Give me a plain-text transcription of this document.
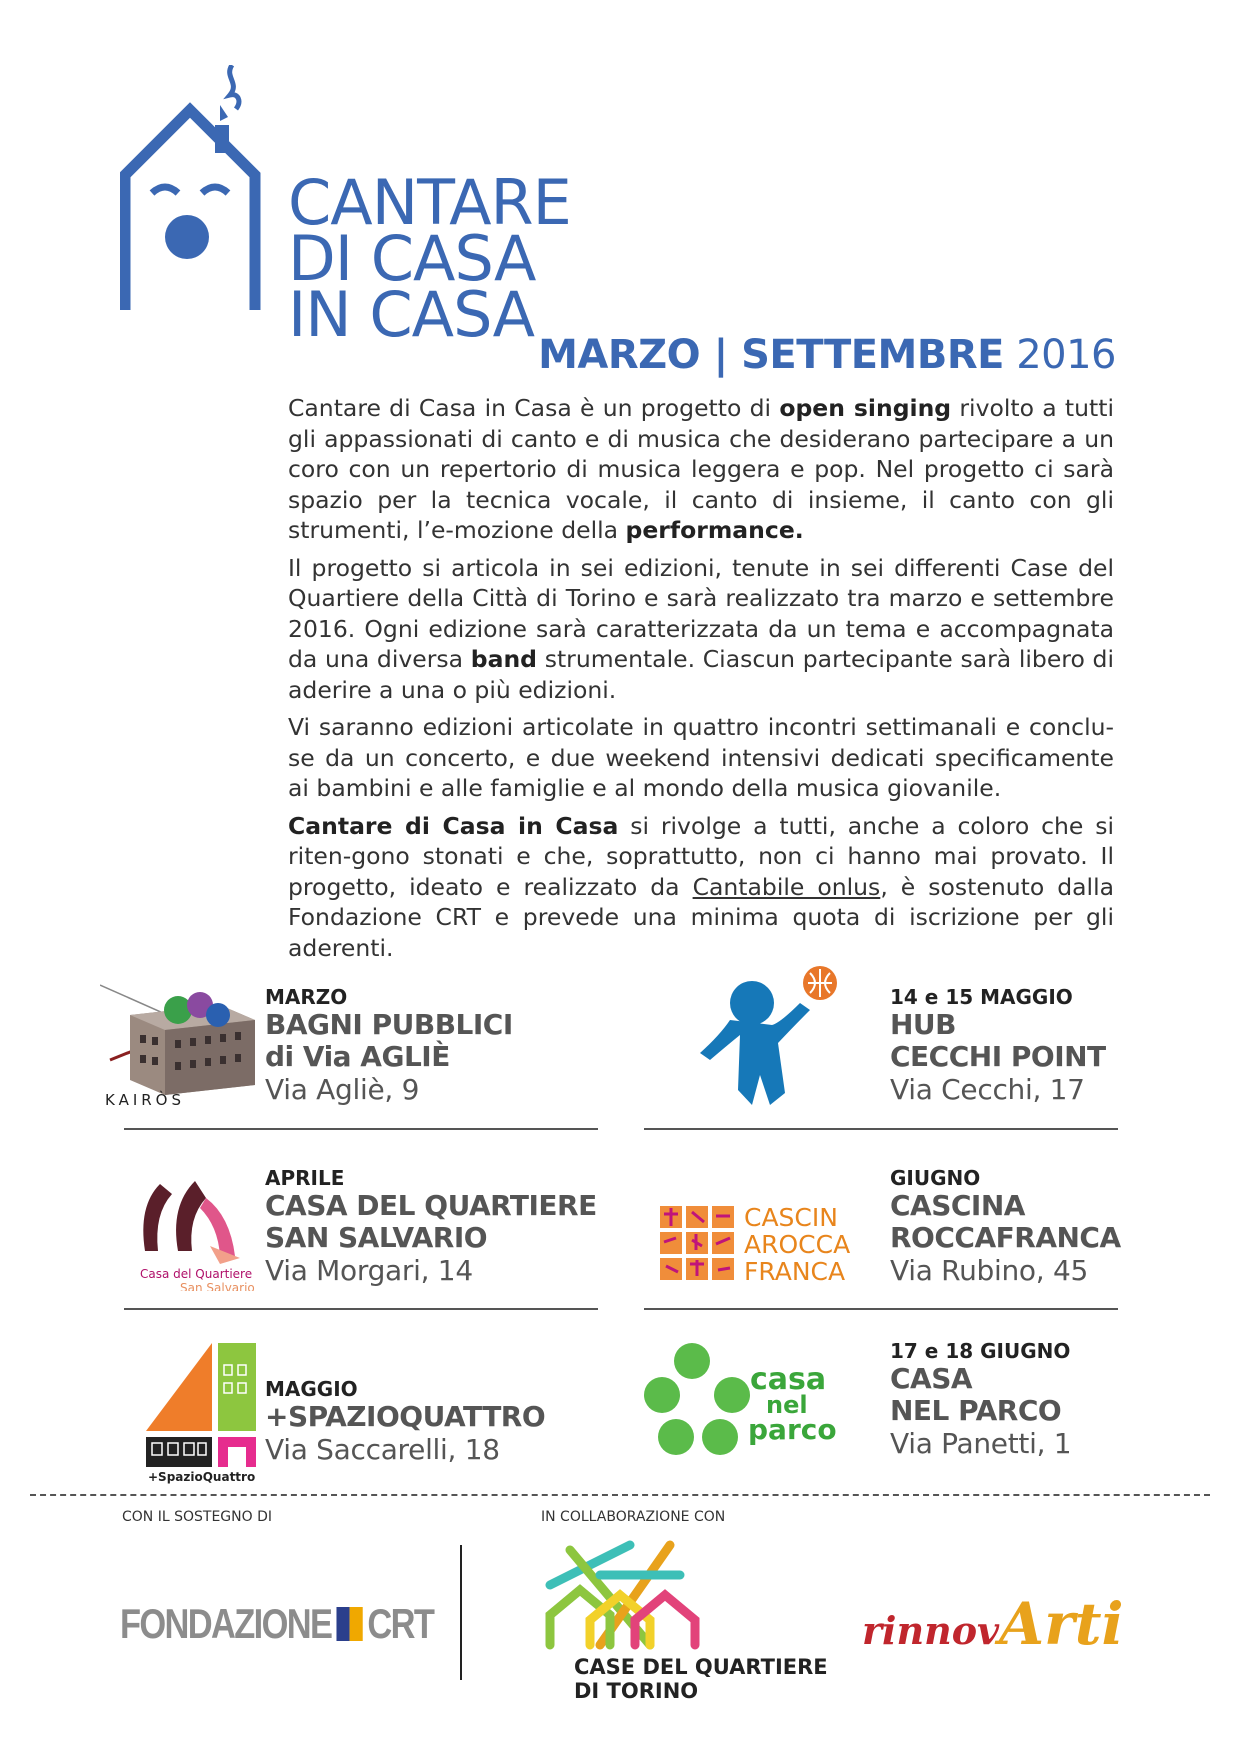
CANTARE
DI CASA
IN CASA
MARZO | SETTEMBRE 2016

Cantare di Casa in Casa è un progetto di open singing rivolto a tutti gli appassionati di canto e di musica che desiderano partecipare a un coro con un repertorio di musica leggera e pop. Nel progetto ci sarà spazio per la tecnica vocale, il canto di insieme, il canto con gli strumenti, l’e-mozione della performance.

Il progetto si articola in sei edizioni, tenute in sei differenti Case del Quartiere della Città di Torino e sarà realizzato tra marzo e settembre 2016. Ogni edizione sarà caratterizzata da un tema e accompagnata da una diversa band strumentale. Ciascun partecipante sarà libero di aderire a una o più edizioni.

Vi saranno edizioni articolate in quattro incontri settimanali e conclu-se da un concerto, e due weekend intensivi dedicati specificamente ai bambini e alle famiglie e al mondo della musica giovanile.

Cantare di Casa in Casa si rivolge a tutti, anche a coloro che si riten-gono stonati e che, soprattutto, non ci hanno mai provato. Il progetto, ideato e realizzato da Cantabile onlus, è sostenuto dalla Fondazione CRT e prevede una minima quota di iscrizione per gli aderenti.

KAIRÒS
MARZO
BAGNI PUBBLICI
di Via AGLIÈ
Via Agliè, 9
14 e 15 MAGGIO
HUB
CECCHI POINT
Via Cecchi, 17
Casa del Quartiere
San Salvario
APRILE
CASA DEL QUARTIERE
SAN SALVARIO
Via Morgari, 14
CASCIN
AROCCA
FRANCA
GIUGNO
CASCINA
ROCCAFRANCA
Via Rubino, 45
+SpazioQuattro
MAGGIO
+SPAZIOQUATTRO
Via Saccarelli, 18
casa
nel
parco
17 e 18 GIUGNO
CASA
NEL PARCO
Via Panetti, 1
CON IL SOSTEGNO DI	IN COLLABORAZIONE CON
FONDAZIONE CRT
CASE DEL QUARTIERE
DI TORINO
rinnovArti
